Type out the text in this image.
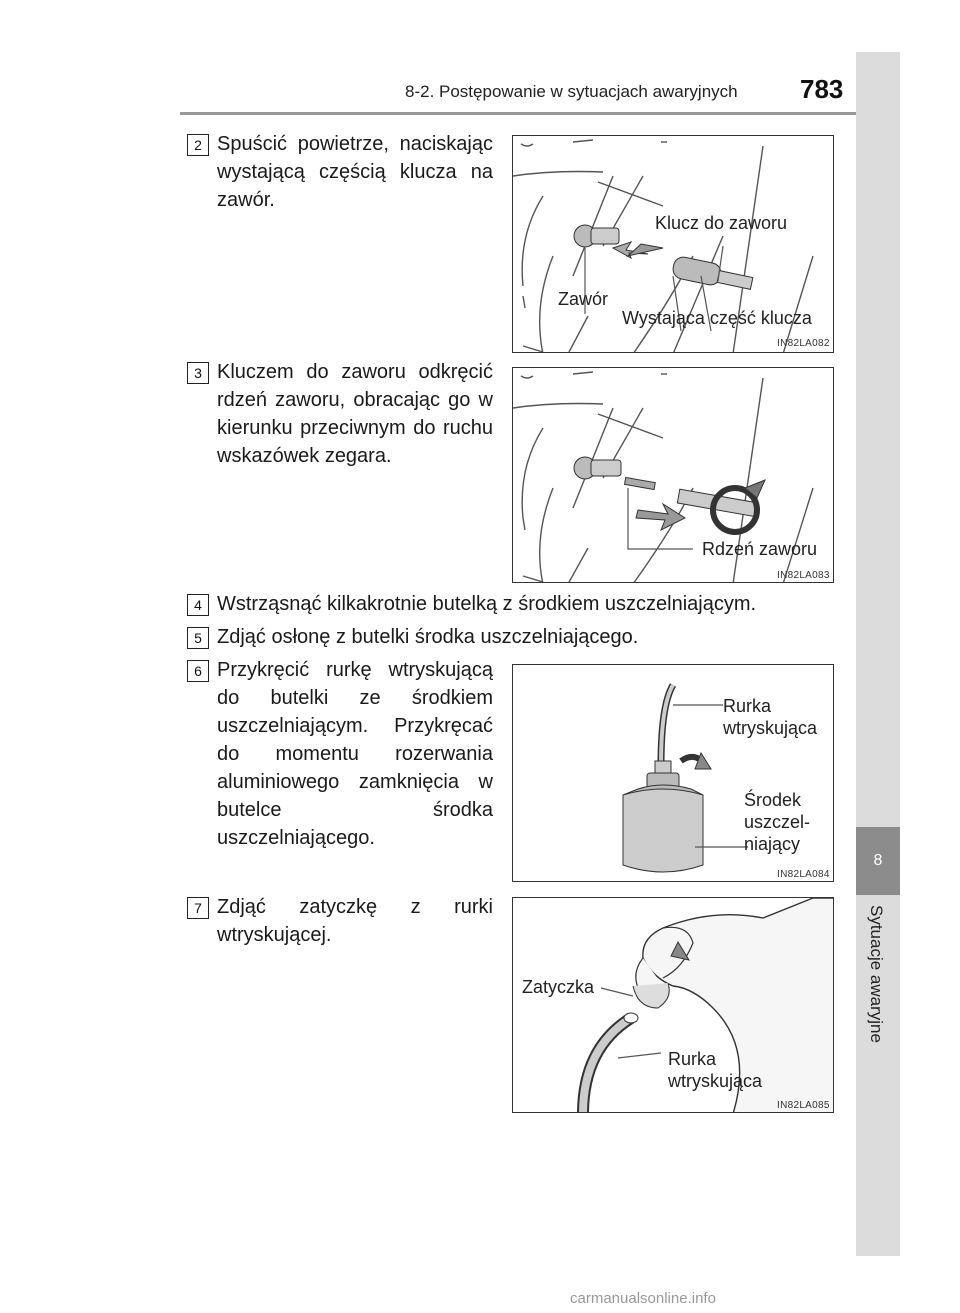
8-2. Postępowanie w sytuacjach awaryjnych 783
8
Sytuacje awaryjne
2 Spuścić powietrze, naciskając wystającą częścią klucza na zawór.
Klucz do zaworu
Zawór
Wystająca część klucza
IN82LA082
3 Kluczem do zaworu odkręcić rdzeń zaworu, obracając go w kierunku przeciwnym do ruchu wskazówek zegara.
Rdzeń zaworu
IN82LA083
4 Wstrząsnąć kilkakrotnie butelką z środkiem uszczelniającym.
5 Zdjąć osłonę z butelki środka uszczelniającego.
6 Przykręcić rurkę wtryskującą do butelki ze środkiem uszczelniającym. Przykręcać do momentu rozerwania aluminiowego zamknięcia w butelce środka uszczelniającego.
Rurka
wtryskująca
Środek
uszczel-
niający
IN82LA084
7 Zdjąć zatyczkę z rurki wtryskującej.
Zatyczka
Rurka
wtryskująca
IN82LA085
carmanualsonline.info
